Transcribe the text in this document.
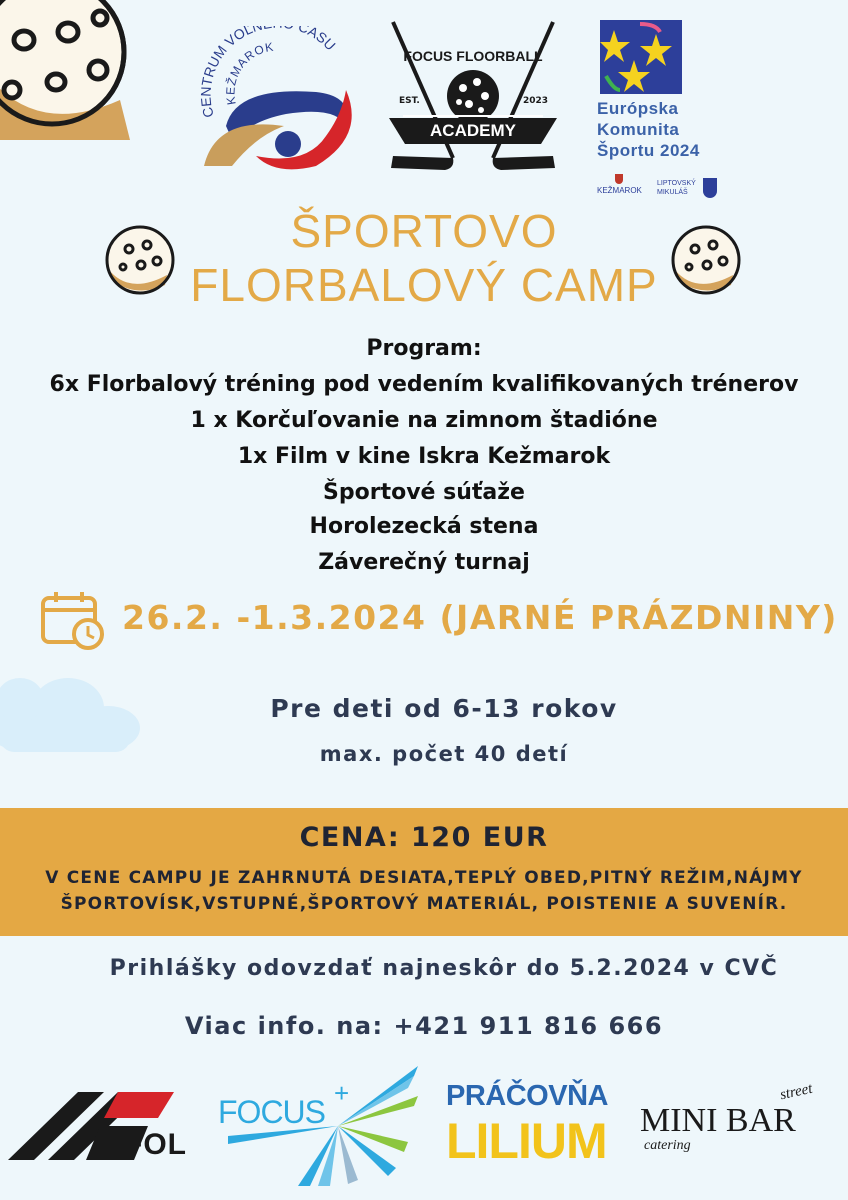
CENTRUM VOĽ ČASU
KEŽMAROK
FOCUS FLOORBALL
EST.	2023
ACADEMY
Európska
Komunita
Športu 2024
KEŽMAROK
LIPTOVSKÝ
MIKULÁŠ
ŠPORTOVO
FLORBALOVÝ CAMP
Program:
6x Florbalový tréning pod vedením kvalifikovaných trénerov
1 x Korčuľovanie na zimnom štadióne
1x Film v kine Iskra Kežmarok
Športové súťaže
Horolezecká stena
Záverečný turnaj
26.2. -1.3.2024 (JARNÉ PRÁZDNINY)
Pre deti od 6-13 rokov
max. počet 40 detí
CENA: 120 EUR
V CENE CAMPU JE ZAHRNUTÁ DESIATA,TEPLÝ OBED,PITNÝ REŽIM,NÁJMY
ŠPORTOVÍSK,VSTUPNÉ,ŠPORTOVÝ MATERIÁL, POISTENIE A SUVENÍR.
Prihlášky odovzdať najneskôr do 5.2.2024 v CVČ
Viac info. na: +421 911 816 666
FOL
FOCUS
+	PRÁČOVŇA
LILIUM MINI BAR
street
catering
